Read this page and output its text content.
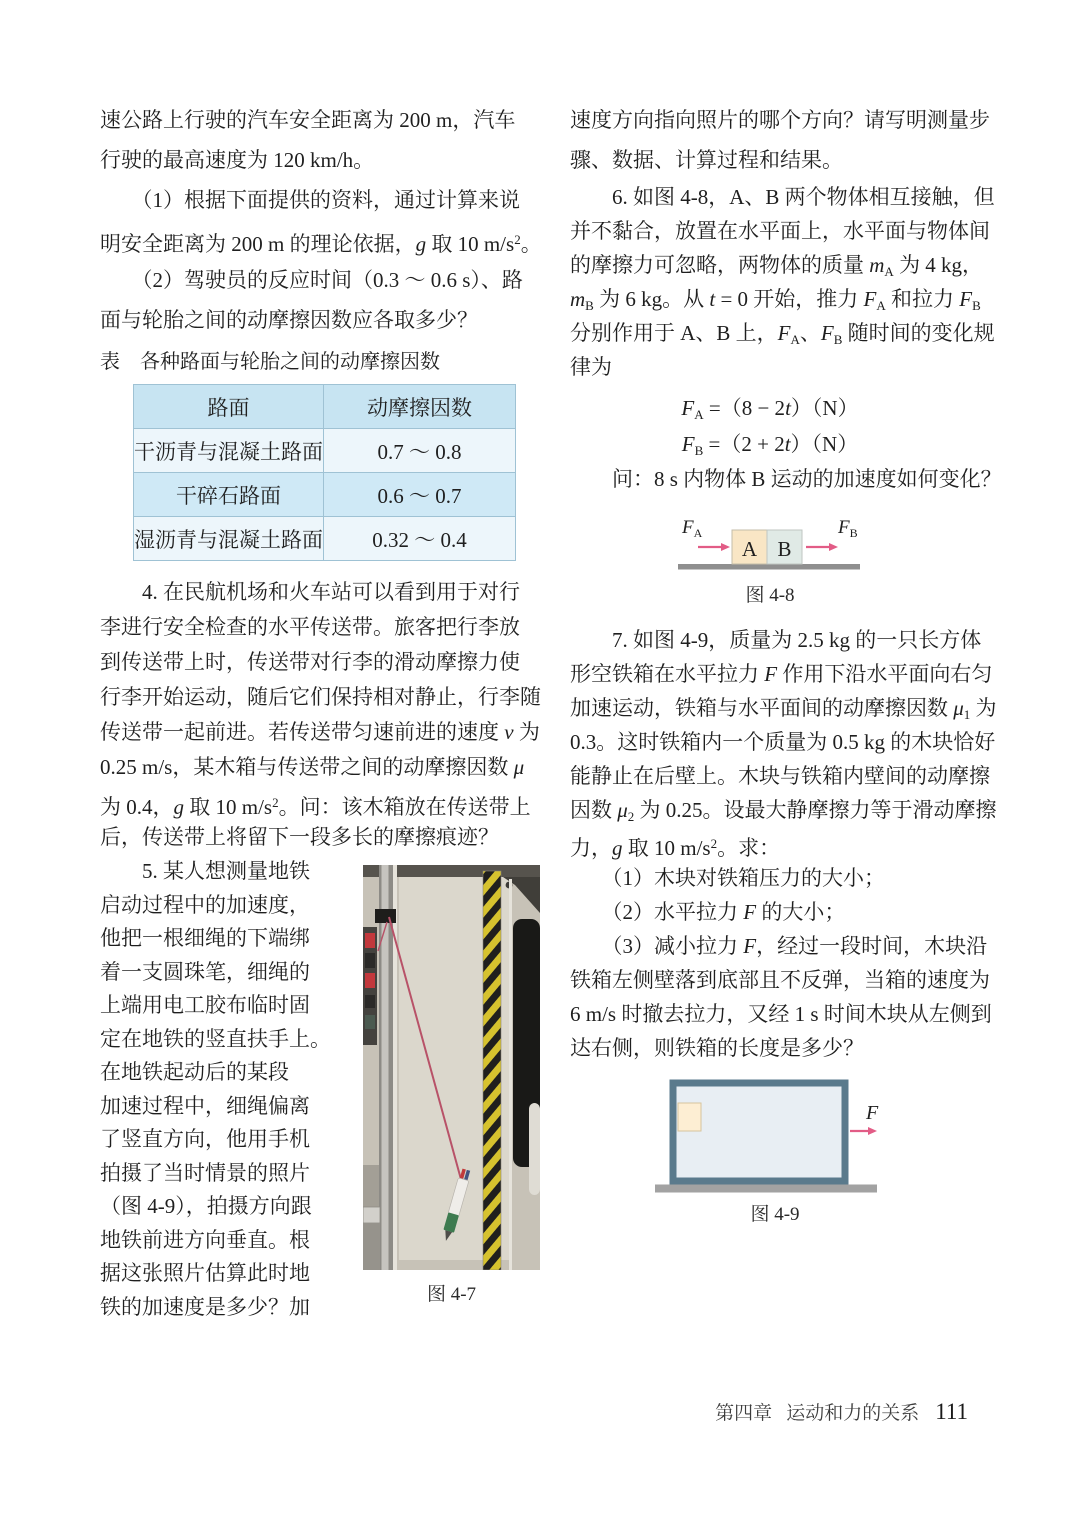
速公路上行驶的汽车安全距离为 200 m，汽车
行驶的最高速度为 120 km/h。
　　（1）根据下面提供的资料，通过计算来说
明安全距离为 200 m 的理论依据，g 取 10 $m/s^2$。
　　（2）驾驶员的反应时间（0.3 ～ 0.6 s）、路
面与轮胎之间的动摩擦因数应各取多少？
表　各种路面与轮胎之间的动摩擦因数
路面	动摩擦因数
干沥青与混凝土路面	0.7 ～ 0.8
干碎石路面	0.6 ～ 0.7
湿沥青与混凝土路面	0.32 ～ 0.4
　　4. 在民航机场和火车站可以看到用于对行
李进行安全检查的水平传送带。旅客把行李放
到传送带上时，传送带对行李的滑动摩擦力使
行李开始运动，随后它们保持相对静止，行李随
传送带一起前进。若传送带匀速前进的速度 v 为
0.25 m/s，某木箱与传送带之间的动摩擦因数 μ
为 0.4，g 取 10 $m/s^2$。问：该木箱放在传送带上
后，传送带上将留下一段多长的摩擦痕迹？
　　5. 某人想测量地铁
启动过程中的加速度，
他把一根细绳的下端绑
着一支圆珠笔，细绳的
上端用电工胶布临时固
定在地铁的竖直扶手上。
在地铁起动后的某段
加速过程中，细绳偏离
了竖直方向，他用手机
拍摄了当时情景的照片
（图 4-9），拍摄方向跟
地铁前进方向垂直。根
据这张照片估算此时地
铁的加速度是多少？加	图 4-7
速度方向指向照片的哪个方向？请写明测量步
骤、数据、计算过程和结果。
　　6. 如图 4-8，A、B 两个物体相互接触，但
并不黏合，放置在水平面上，水平面与物体间
的摩擦力可忽略，两物体的质量 $m_A$ 为 4 kg，
$m_B$ 为 6 kg。从 t = 0 开始，推力 $F_A$ 和拉力 $F_B$
分别作用于 A、B 上，$F_A$、$F_B$ 随时间的变化规
律为
$F_A =(8 - 2t)(N)$
$F_B =(2 + 2t)(N)$
　　问：8 s 内物体 B 运动的加速度如何变化？
A B
$F_A$	$F_B$
图 4-8
　　7. 如图 4-9，质量为 2.5 kg 的一只长方体
形空铁箱在水平拉力 F 作用下沿水平面向右匀
加速运动，铁箱与水平面间的动摩擦因数 $\mu_1$ 为
0.3。这时铁箱内一个质量为 0.5 kg 的木块恰好
能静止在后壁上。木块与铁箱内壁间的动摩擦
因数 $\mu_2$ 为 0.25。设最大静摩擦力等于滑动摩擦
力，g 取 10 $m/s^2$。求：
　　（1）木块对铁箱压力的大小；
　　（2）水平拉力 F 的大小；
　　（3）减小拉力 F，经过一段时间，木块沿
铁箱左侧壁落到底部且不反弹，当箱的速度为
6 m/s 时撤去拉力，又经 1 s 时间木块从左侧到
达右侧，则铁箱的长度是多少？
F
图 4-9
第四章 运动和力的关系 111
